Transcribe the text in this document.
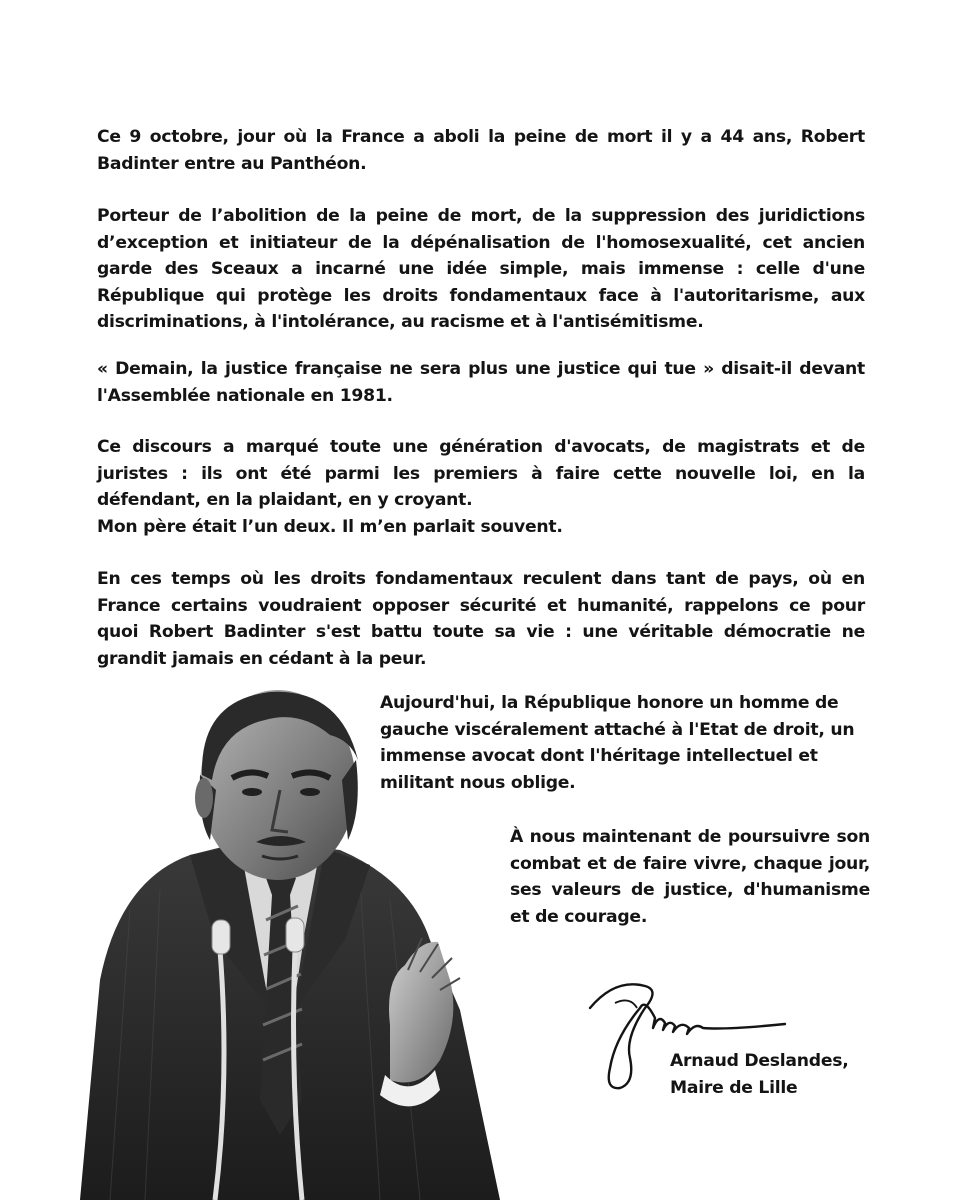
Ce 9 octobre, jour où la France a aboli la peine de mort il y a 44 ans, Robert Badinter entre au Panthéon.

Porteur de l’abolition de la peine de mort, de la suppression des juridictions d’exception et initiateur de la dépénalisation de l'homosexualité, cet ancien garde des Sceaux a incarné une idée simple, mais immense : celle d'une République qui protège les droits fondamentaux face à l'autoritarisme, aux discriminations, à l'intolérance, au racisme et à l'antisémitisme.

« Demain, la justice française ne sera plus une justice qui tue » disait-il devant l'Assemblée nationale en 1981.

Ce discours a marqué toute une génération d'avocats, de magistrats et de juristes : ils ont été parmi les premiers à faire cette nouvelle loi, en la défendant, en la plaidant, en y croyant.
Mon père était l’un deux. Il m’en parlait souvent.

En ces temps où les droits fondamentaux reculent dans tant de pays, où en France certains voudraient opposer sécurité et humanité, rappelons ce pour quoi Robert Badinter s'est battu toute sa vie : une véritable démocratie ne grandit jamais en cédant à la peur.

Aujourd'hui, la République honore un homme de gauche viscéralement attaché à l'Etat de droit, un immense avocat dont l'héritage intellectuel et militant nous oblige.

À nous maintenant de poursuivre son combat et de faire vivre, chaque jour, ses valeurs de justice, d'humanisme et de courage.

Arnaud Deslandes,
Maire de Lille
